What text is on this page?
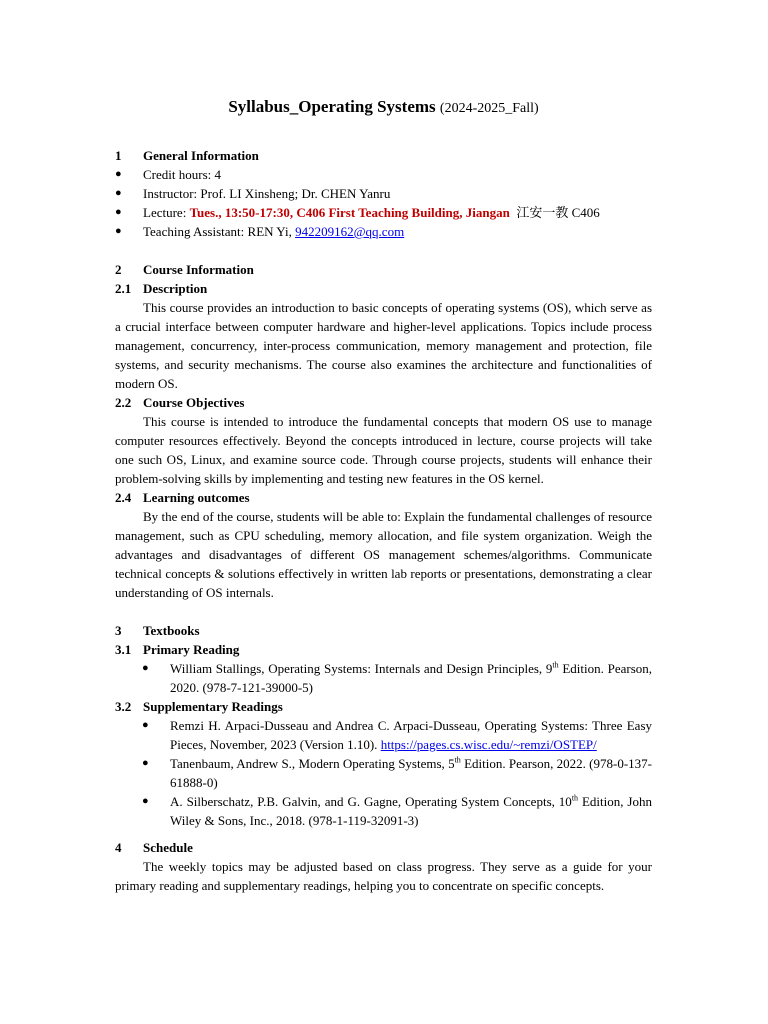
Syllabus_Operating Systems (2024-2025_Fall)
1	General Information
●	Credit hours: 4
●	Instructor: Prof. LI Xinsheng; Dr. CHEN Yanru
●	Lecture: Tues., 13:50-17:30, C406 First Teaching Building, Jiangan  江安一教 C406
●	Teaching Assistant: REN Yi, 942209162@qq.com
2	Course Information
2.1 Description

This course provides an introduction to basic concepts of operating systems (OS), which serve as a crucial interface between computer hardware and higher-level applications. Topics include process management, concurrency, inter-process communication, memory management and protection, file systems, and security mechanisms. The course also examines the architecture and functionalities of modern OS.

2.2 Course Objectives

This course is intended to introduce the fundamental concepts that modern OS use to manage computer resources effectively. Beyond the concepts introduced in lecture, course projects will take one such OS, Linux, and examine source code. Through course projects, students will enhance their problem-solving skills by implementing and testing new features in the OS kernel.

2.4 Learning outcomes

By the end of the course, students will be able to: Explain the fundamental challenges of resource management, such as CPU scheduling, memory allocation, and file system organization. Weigh the advantages and disadvantages of different OS management schemes/algorithms. Communicate technical concepts & solutions effectively in written lab reports or presentations, demonstrating a clear understanding of OS internals.

3	Textbooks
3.1 Primary Reading
●	William Stallings, Operating Systems: Internals and Design Principles, 9th Edition. Pearson, 2020. (978-7-121-39000-5)
3.2 Supplementary Readings
●	Remzi H. Arpaci-Dusseau and Andrea C. Arpaci-Dusseau, Operating Systems: Three Easy Pieces, November, 2023 (Version 1.10). https://pages.cs.wisc.edu/~remzi/OSTEP/
●	Tanenbaum, Andrew S., Modern Operating Systems, 5th Edition. Pearson, 2022. (978-0-137-61888-0)
●	A. Silberschatz, P.B. Galvin, and G. Gagne, Operating System Concepts, 10th Edition, John Wiley & Sons, Inc., 2018. (978-1-119-32091-3)
4	Schedule

The weekly topics may be adjusted based on class progress. They serve as a guide for your primary reading and supplementary readings, helping you to concentrate on specific concepts.
